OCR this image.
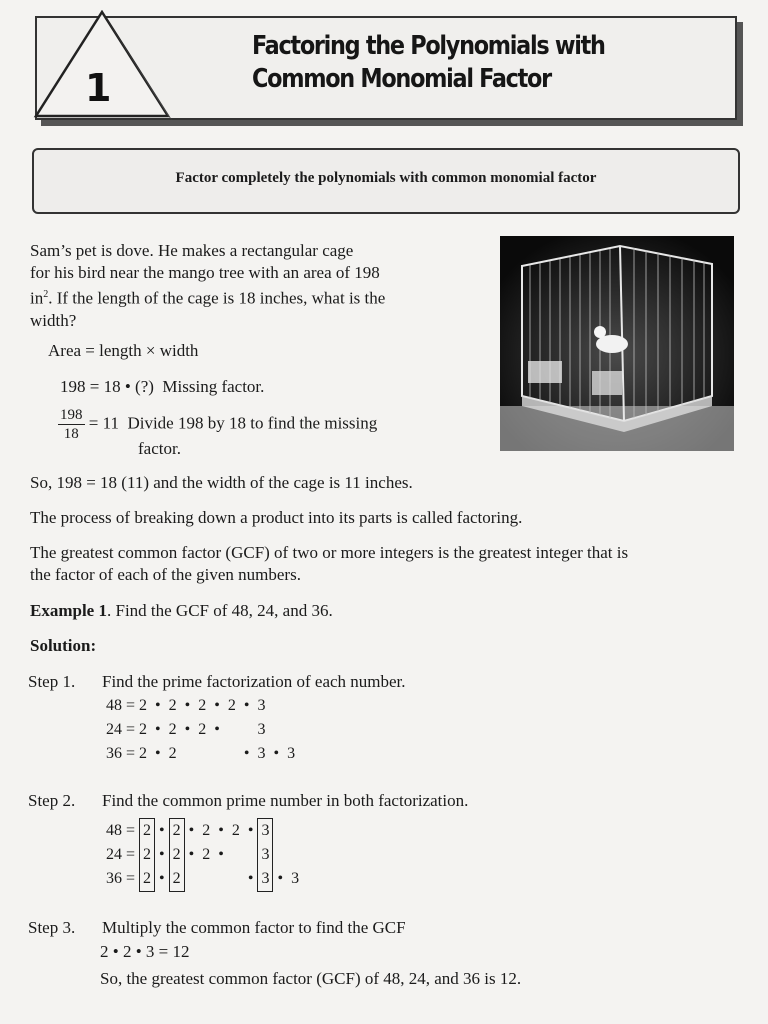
1
Factoring the Polynomials with
Common Monomial Factor
Factor completely the polynomials with common monomial factor
Sam’s pet is dove. He makes a rectangular cage
for his bird near the mango tree with an area of 198
$in^2$. If the length of the cage is 18 inches, what is the
width?
Area = length × width
198 = 18 • (?)  Missing factor.
$\frac{198}{18} = 11$  Divide 198 by 18 to find the missing
factor.
So, 198 = 18 (11) and the width of the cage is 11 inches.
The process of breaking down a product into its parts is called factoring.
The greatest common factor (GCF) of two or more integers is the greatest integer that is
the factor of each of the given numbers.
Example 1. Find the GCF of 48, 24, and 36.
Solution:
Step 1. Find the prime factorization of each number.
48 = 2	•	2	•	2	•	2	•	3		
24 = 2	•	2	•	2	•			3		
36 = 2	•	2					•	3	•	3
Step 2. Find the common prime number in both factorization.
48 =	2	•	2	•	2	•	2	•	3		
24 =	2	•	2	•	2	•			3		
36 =	2	•	2					•	3	•	3
Step 3. Multiply the common factor to find the GCF
2 • 2 • 3 = 12
So, the greatest common factor (GCF) of 48, 24, and 36 is 12.
